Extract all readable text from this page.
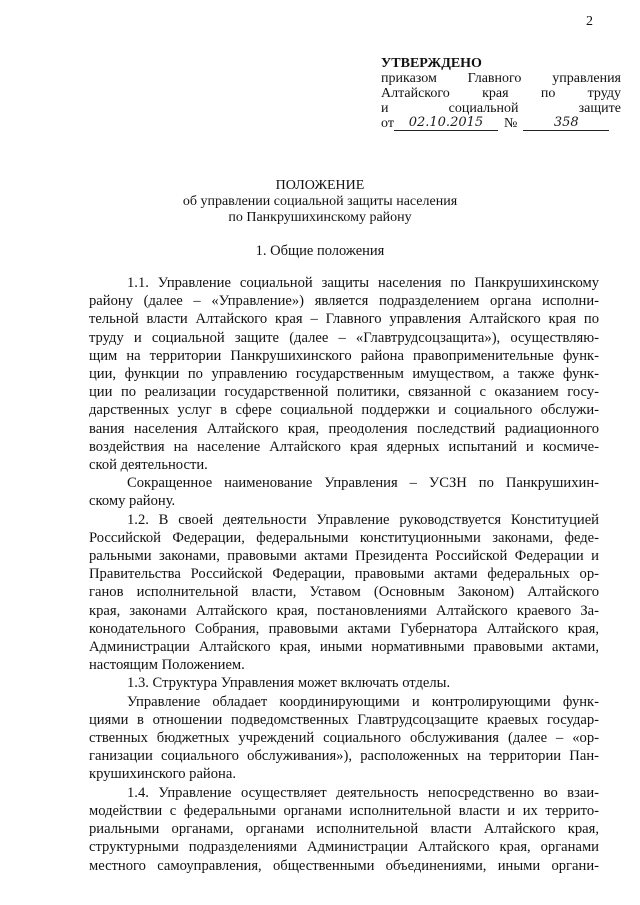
2
УТВЕРЖДЕНО
приказом Главного управления
Алтайского края по труду
и социальной защите
от	02.10.2015	№	358
ПОЛОЖЕНИЕ
об управлении социальной защиты населения
по Панкрушихинскому району
1. Общие положения
1.1. Управление социальной защиты населения по Панкрушихинскому
району (далее – «Управление») является подразделением органа исполни-
тельной власти Алтайского края – Главного управления Алтайского края по
труду и социальной защите (далее – «Главтрудсоцзащита»), осуществляю-
щим на территории Панкрушихинского района правоприменительные функ-
ции, функции по управлению государственным имуществом, а также функ-
ции по реализации государственной политики, связанной с оказанием госу-
дарственных услуг в сфере социальной поддержки и социального обслужи-
вания населения Алтайского края, преодоления последствий радиационного
воздействия на население Алтайского края ядерных испытаний и космиче-
ской деятельности.
Сокращенное наименование Управления – УСЗН по Панкрушихин-
скому району.
1.2. В своей деятельности Управление руководствуется Конституцией
Российской Федерации, федеральными конституционными законами, феде-
ральными законами, правовыми актами Президента Российской Федерации и
Правительства Российской Федерации, правовыми актами федеральных ор-
ганов исполнительной власти, Уставом (Основным Законом) Алтайского
края, законами Алтайского края, постановлениями Алтайского краевого За-
конодательного Собрания, правовыми актами Губернатора Алтайского края,
Администрации Алтайского края, иными нормативными правовыми актами,
настоящим Положением.
1.3. Структура Управления может включать отделы.
Управление обладает координирующими и контролирующими функ-
циями в отношении подведомственных Главтрудсоцзащите краевых государ-
ственных бюджетных учреждений социального обслуживания (далее – «ор-
ганизации социального обслуживания»), расположенных на территории Пан-
крушихинского района.
1.4. Управление осуществляет деятельность непосредственно во взаи-
модействии с федеральными органами исполнительной власти и их террито-
риальными органами, органами исполнительной власти Алтайского края,
структурными подразделениями Администрации Алтайского края, органами
местного самоуправления, общественными объединениями, иными органи-
